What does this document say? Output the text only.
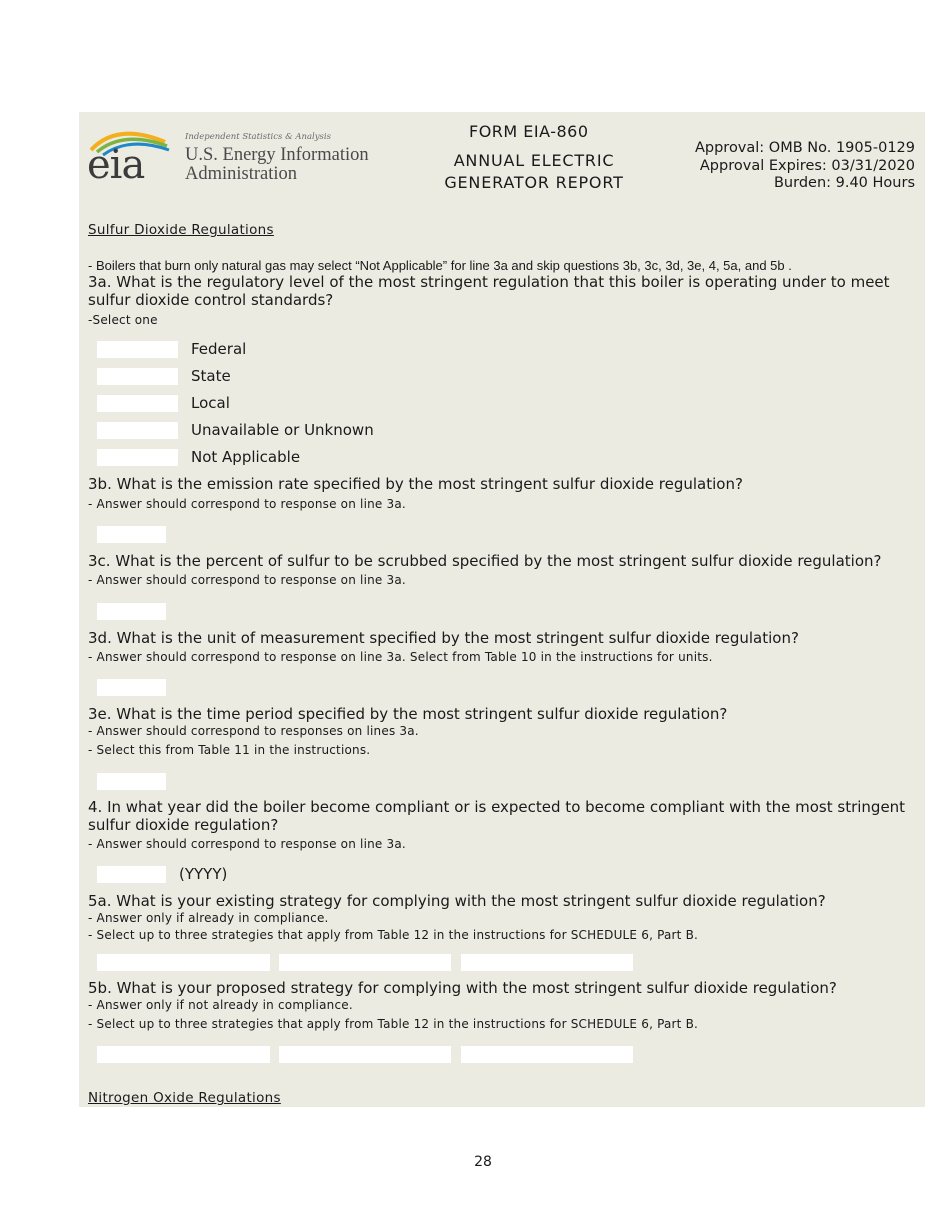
eia
Independent Statistics & Analysis
U.S. Energy Information
Administration
FORM EIA-860
ANNUAL ELECTRIC GENERATOR REPORT
Approval: OMB No. 1905-0129
Approval Expires: 03/31/2020
Burden: 9.40 Hours
Sulfur Dioxide Regulations
- Boilers that burn only natural gas may select “Not Applicable” for line 3a and skip questions 3b, 3c, 3d, 3e, 4, 5a, and 5b .
3a. What is the regulatory level of the most stringent regulation that this boiler is operating under to meet sulfur dioxide control standards?
-Select one
Federal
State
Local
Unavailable or Unknown
Not Applicable
3b. What is the emission rate specified by the most stringent sulfur dioxide regulation?
- Answer should correspond to response on line 3a.
3c. What is the percent of sulfur to be scrubbed specified by the most stringent sulfur dioxide regulation?
- Answer should correspond to response on line 3a.
3d. What is the unit of measurement specified by the most stringent sulfur dioxide regulation?
- Answer should correspond to response on line 3a. Select from Table 10 in the instructions for units.
3e. What is the time period specified by the most stringent sulfur dioxide regulation?
- Answer should correspond to responses on lines 3a.
- Select this from Table 11 in the instructions.
4. In what year did the boiler become compliant or is expected to become compliant with the most stringent sulfur dioxide regulation?
- Answer should correspond to response on line 3a.
(YYYY)
5a. What is your existing strategy for complying with the most stringent sulfur dioxide regulation?
- Answer only if already in compliance.
- Select up to three strategies that apply from Table 12 in the instructions for SCHEDULE 6, Part B.
5b. What is your proposed strategy for complying with the most stringent sulfur dioxide regulation?
- Answer only if not already in compliance.
- Select up to three strategies that apply from Table 12 in the instructions for SCHEDULE 6, Part B.
Nitrogen Oxide Regulations
28
